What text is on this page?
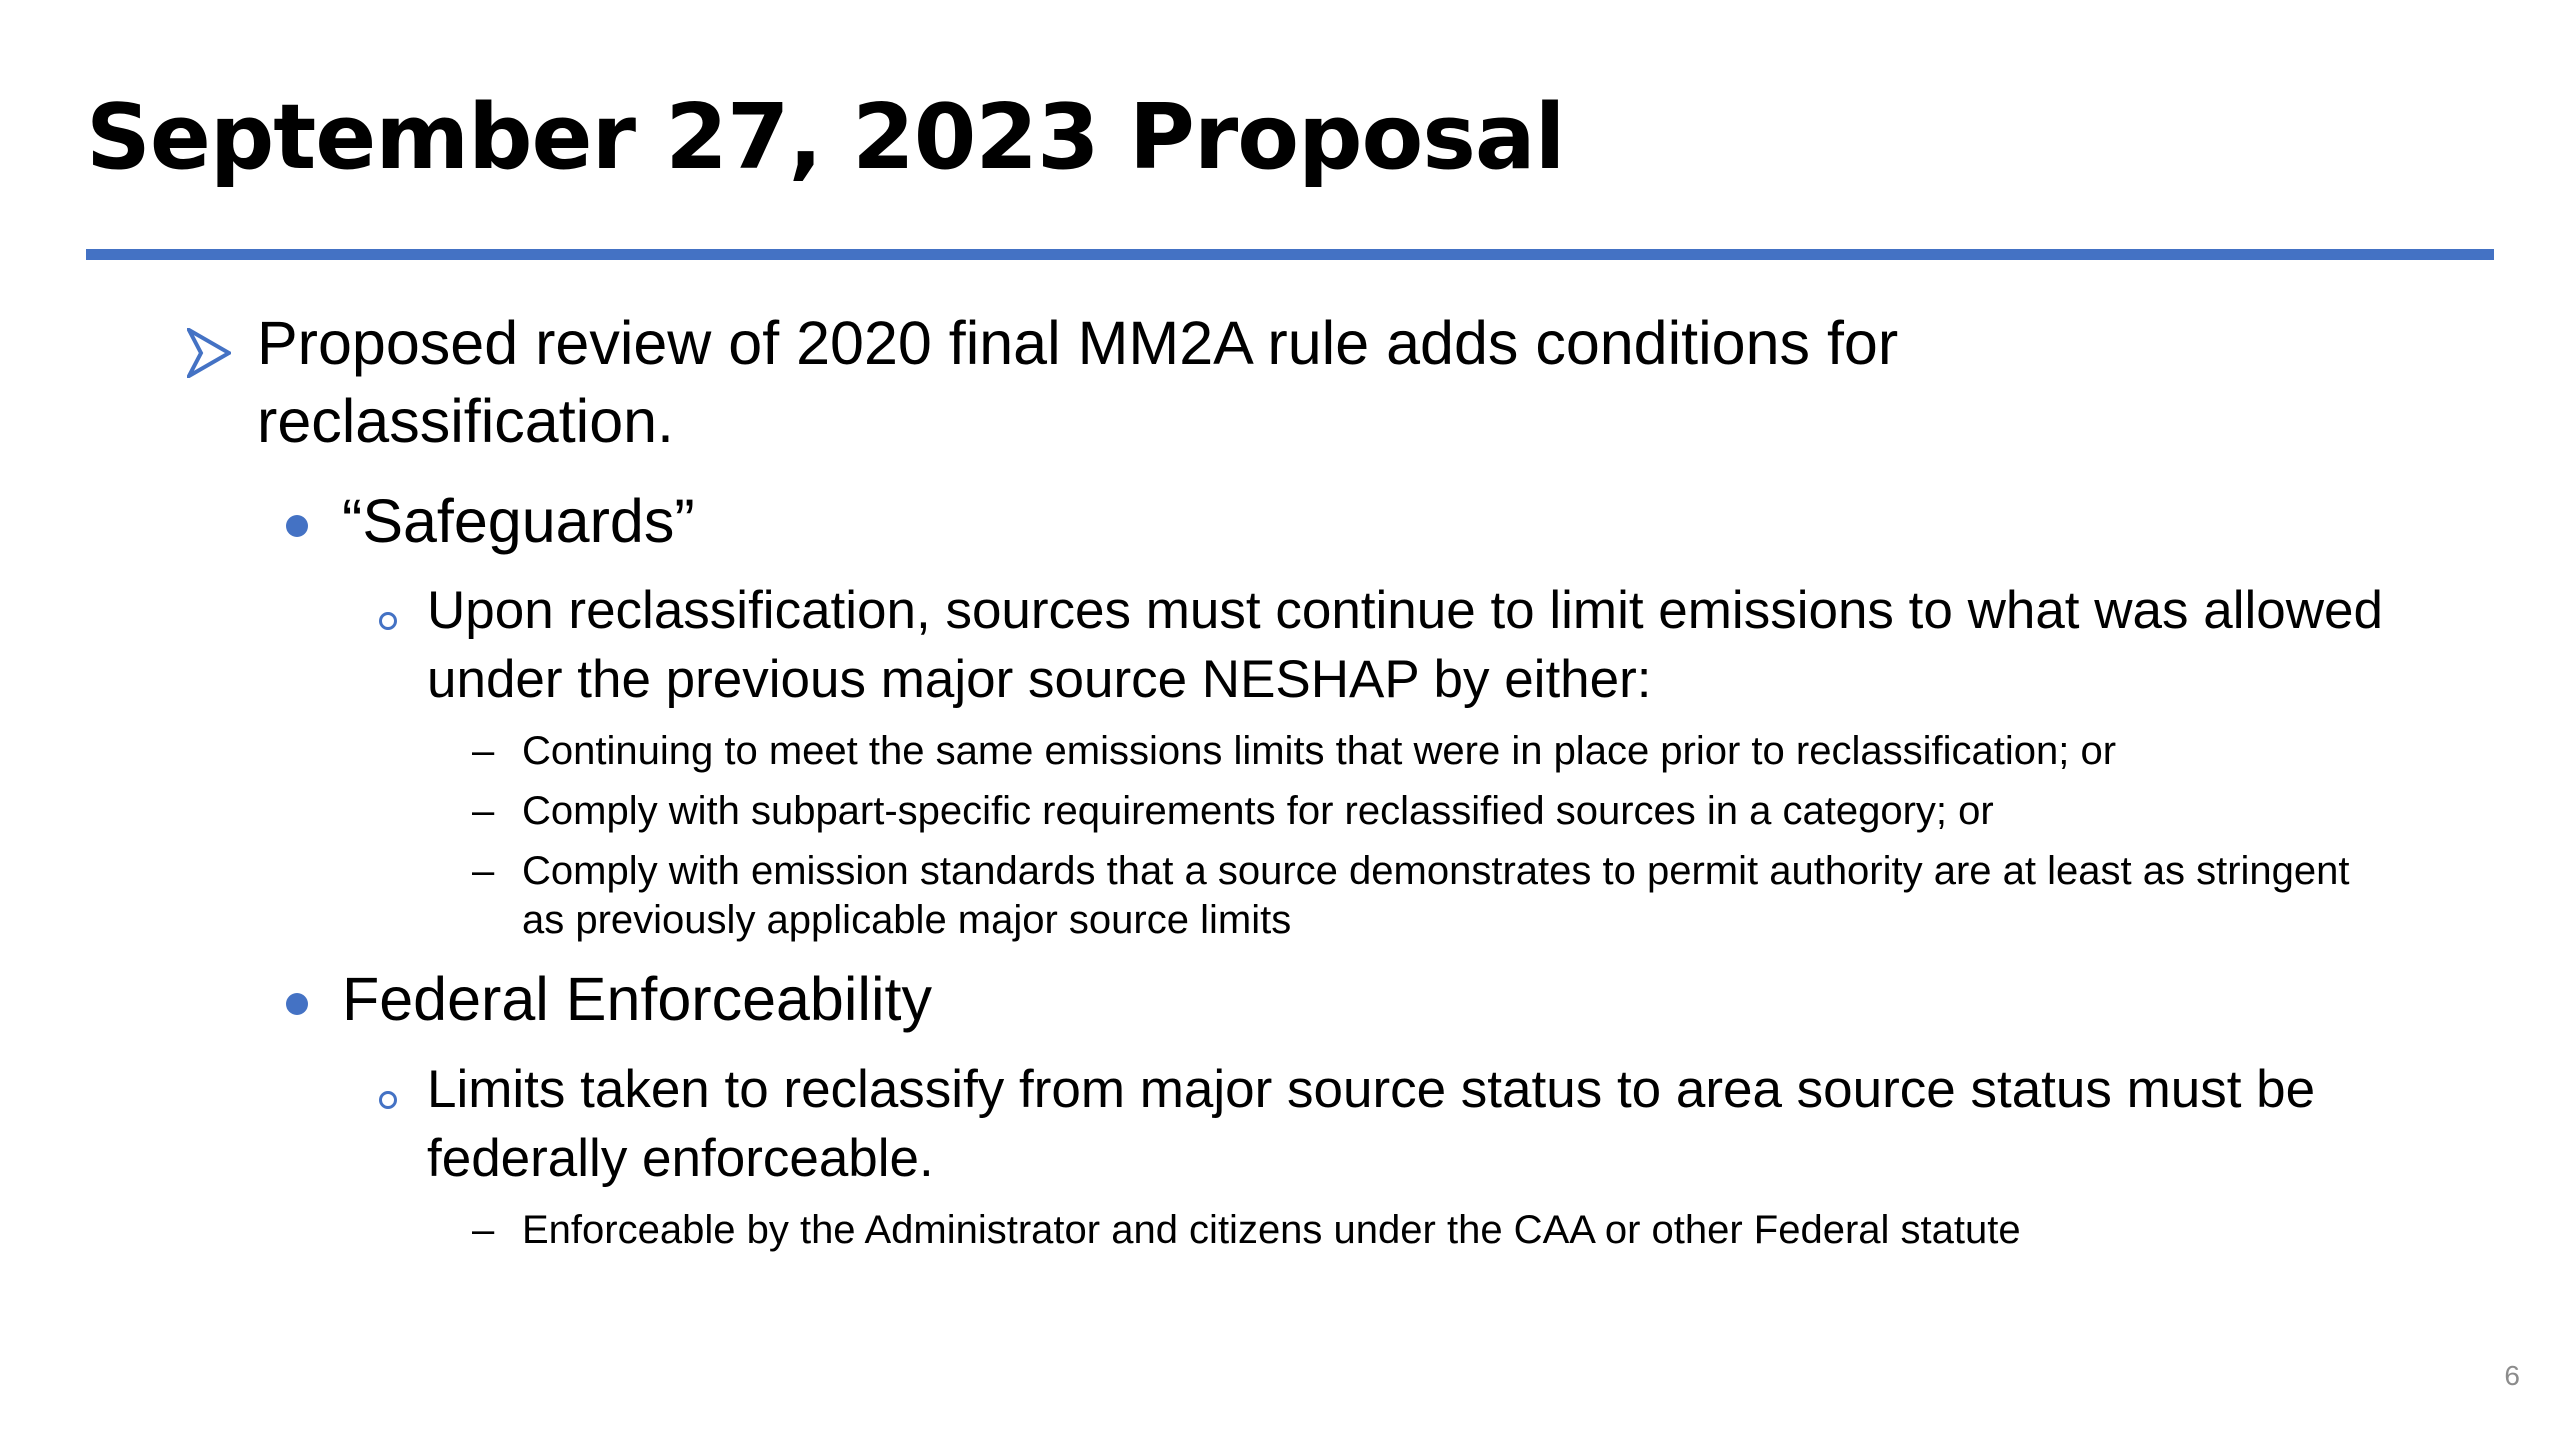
September 27, 2023 Proposal
Proposed review of 2020 final MM2A rule adds conditions for reclassification.
“Safeguards”
Upon reclassification, sources must continue to limit emissions to what was allowed under the previous major source NESHAP by either:
– Continuing to meet the same emissions limits that were in place prior to reclassification; or
– Comply with subpart-specific requirements for reclassified sources in a category; or
– Comply with emission standards that a source demonstrates to permit authority are at least as stringent as previously applicable major source limits
Federal Enforceability
Limits taken to reclassify from major source status to area source status must be federally enforceable.
– Enforceable by the Administrator and citizens under the CAA or other Federal statute
6
